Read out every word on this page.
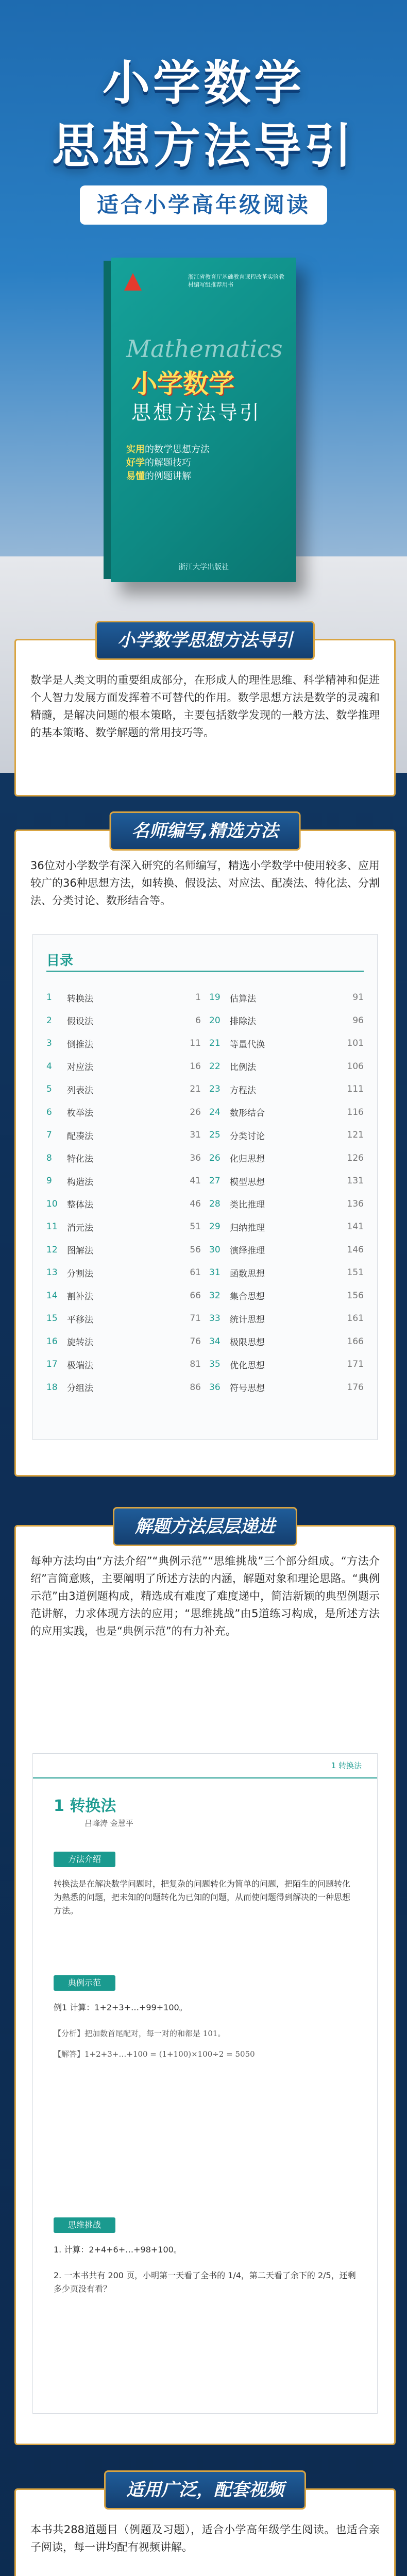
小学数学
思想方法导引
适合小学高年级阅读
浙江省教育厅基础教育课程改革实验教材编写组推荐用书
Mathematics
小学数学
思想方法导引
实用的数学思想方法
好学的解题技巧
易懂的例题讲解
浙江大学出版社
小学数学思想方法导引
数学是人类文明的重要组成部分，在形成人的理性思维、科学精神和促进个人智力发展方面发挥着不可替代的作用。数学思想方法是数学的灵魂和精髓，是解决问题的根本策略，主要包括数学发现的一般方法、数学推理的基本策略、数学解题的常用技巧等。
名师编写,精选方法
36位对小学数学有深入研究的名师编写，精选小学数学中使用较多、应用较广的36种思想方法，如转换、假设法、对应法、配凑法、特化法、分割法、分类讨论、数形结合等。
目录
1	转换法	1
2	假设法	6
3	倒推法	11
4	对应法	16
5	列表法	21
6	枚举法	26
7	配凑法	31
8	特化法	36
9	构造法	41
10	整体法	46
11	消元法	51
12	图解法	56
13	分割法	61
14	割补法	66
15	平移法	71
16	旋转法	76
17	极端法	81
18	分组法	86
19	估算法	91
20	排除法	96
21	等量代换	101
22	比例法	106
23	方程法	111
24	数形结合	116
25	分类讨论	121
26	化归思想	126
27	模型思想	131
28	类比推理	136
29	归纳推理	141
30	演绎推理	146
31	函数思想	151
32	集合思想	156
33	统计思想	161
34	极限思想	166
35	优化思想	171
36	符号思想	176
解题方法层层递进
每种方法均由“方法介绍”“典例示范”“思维挑战”三个部分组成。“方法介绍”言简意赅，主要阐明了所述方法的内涵，解题对象和理论思路。“典例示范”由3道例题构成，精选成有难度了难度递中，简洁新颖的典型例题示范讲解，力求体现方法的应用；“思维挑战”由5道练习构成，是所述方法的应用实践，也是“典例示范”的有力补充。
1 转换法
1 转换法
吕峰涛 金慧平
方法介绍
转换法是在解决数学问题时，把复杂的问题转化为简单的问题，把陌生的问题转化为熟悉的问题，把未知的问题转化为已知的问题，从而使问题得到解决的一种思想方法。
典例示范
例1 计算：1+2+3+…+99+100。
【分析】把加数首尾配对，每一对的和都是 101。
【解答】1+2+3+…+100 = (1+100)×100÷2 = 5050
思维挑战
1. 计算：2+4+6+…+98+100。
2. 一本书共有 200 页，小明第一天看了全书的 1/4，第二天看了余下的 2/5，还剩多少页没有看？
适用广泛，配套视频
本书共288道题目（例题及习题），适合小学高年级学生阅读。也适合亲子阅读，每一讲均配有视频讲解。
